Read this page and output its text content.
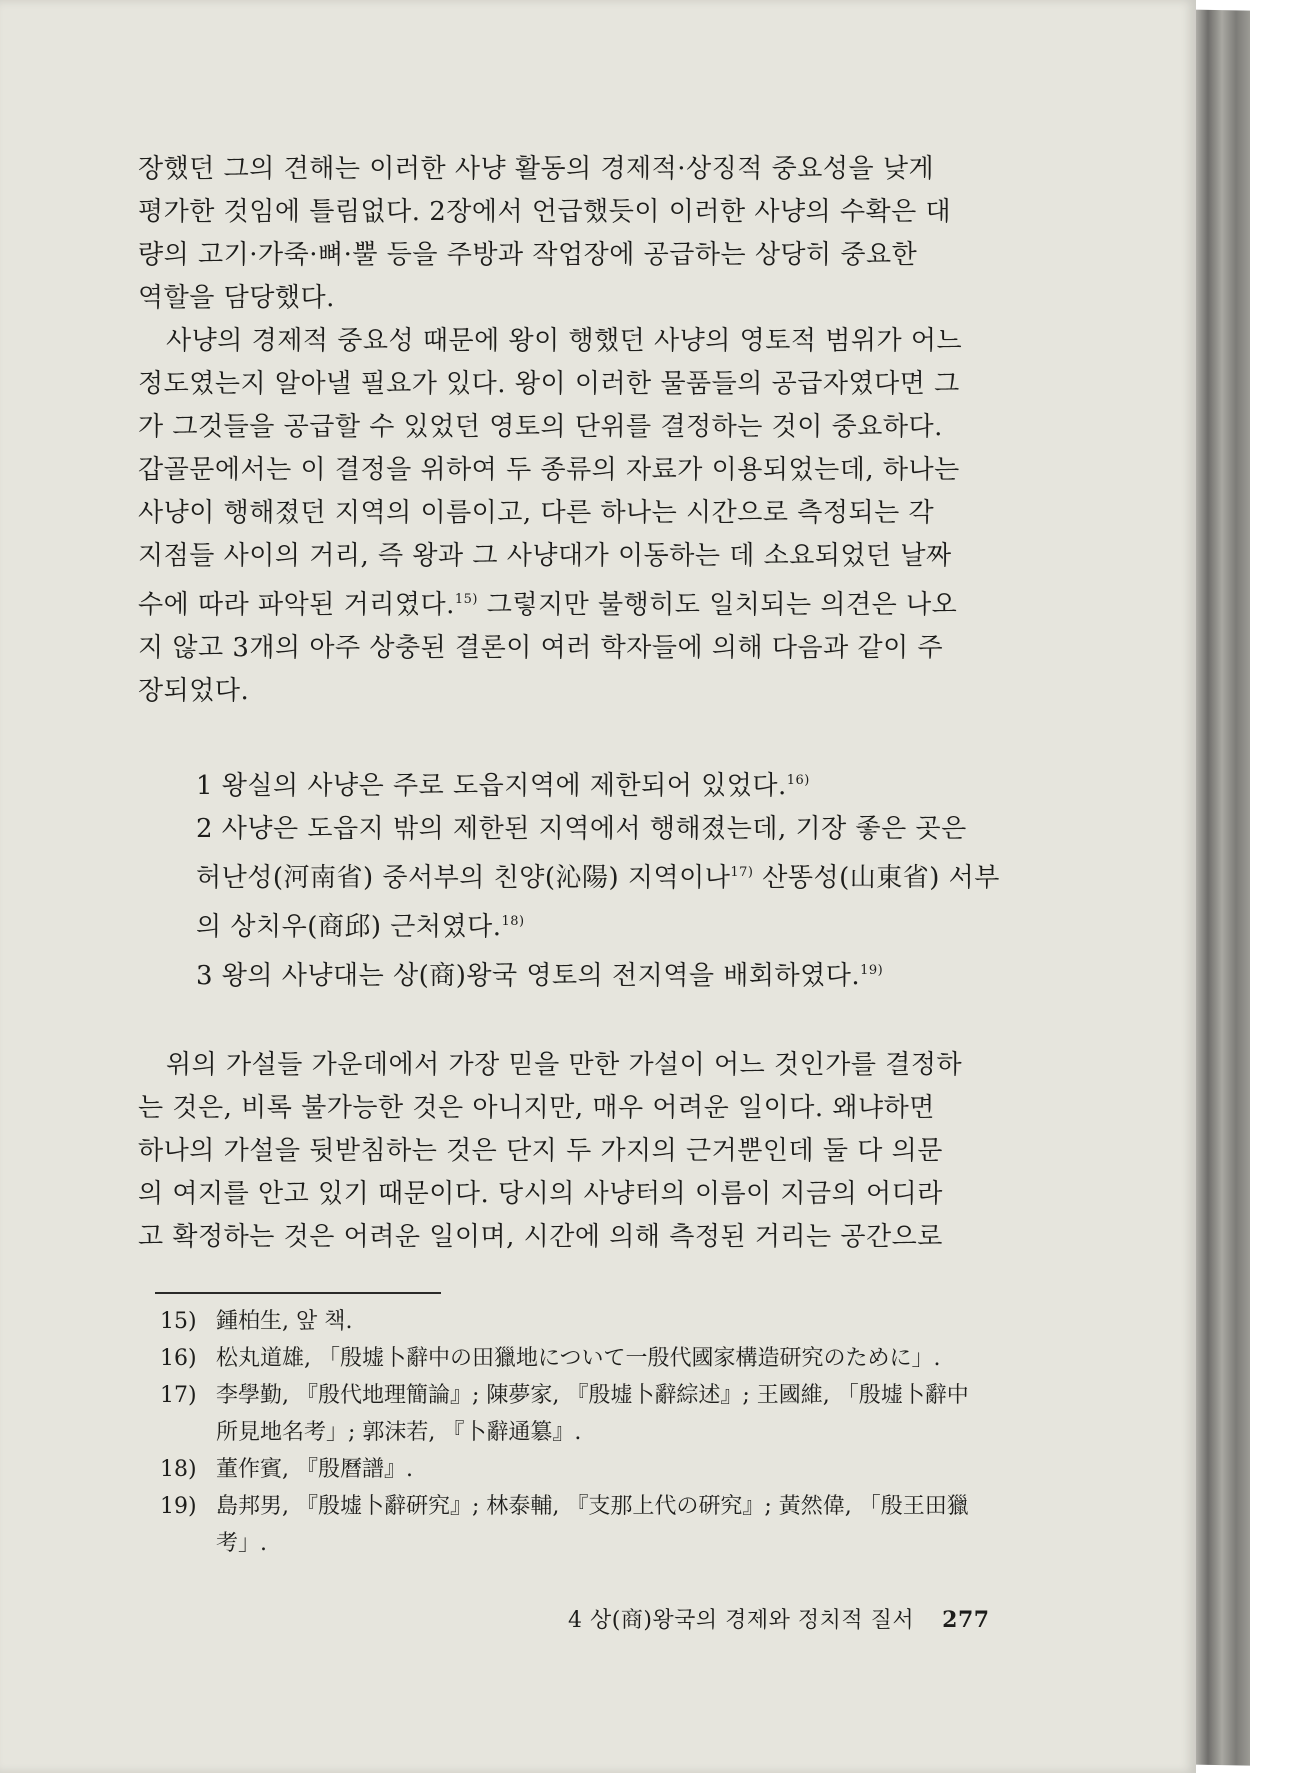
장했던 그의 견해는 이러한 사냥 활동의 경제적·상징적 중요성을 낮게

평가한 것임에 틀림없다. 2장에서 언급했듯이 이러한 사냥의 수확은 대

량의 고기·가죽·뼈·뿔 등을 주방과 작업장에 공급하는 상당히 중요한

역할을 담당했다.

사냥의 경제적 중요성 때문에 왕이 행했던 사냥의 영토적 범위가 어느

정도였는지 알아낼 필요가 있다. 왕이 이러한 물품들의 공급자였다면 그

가 그것들을 공급할 수 있었던 영토의 단위를 결정하는 것이 중요하다.

갑골문에서는 이 결정을 위하여 두 종류의 자료가 이용되었는데, 하나는

사냥이 행해졌던 지역의 이름이고, 다른 하나는 시간으로 측정되는 각

지점들 사이의 거리, 즉 왕과 그 사냥대가 이동하는 데 소요되었던 날짜

수에 따라 파악된 거리였다.$^{15)}$ 그렇지만 불행히도 일치되는 의견은 나오

지 않고 3개의 아주 상충된 결론이 여러 학자들에 의해 다음과 같이 주

장되었다.

1 왕실의 사냥은 주로 도읍지역에 제한되어 있었다.$^{16)}$

2 사냥은 도읍지 밖의 제한된 지역에서 행해졌는데, 기장 좋은 곳은

허난성(河南省) 중서부의 친양(沁陽) 지역이나$^{17)}$ 산똥성(山東省) 서부

의 상치우(商邱) 근처였다.$^{18)}$

3 왕의 사냥대는 상(商)왕국 영토의 전지역을 배회하였다.$^{19)}$

위의 가설들 가운데에서 가장 믿을 만한 가설이 어느 것인가를 결정하

는 것은, 비록 불가능한 것은 아니지만, 매우 어려운 일이다. 왜냐하면

하나의 가설을 뒷받침하는 것은 단지 두 가지의 근거뿐인데 둘 다 의문

의 여지를 안고 있기 때문이다. 당시의 사냥터의 이름이 지금의 어디라

고 확정하는 것은 어려운 일이며, 시간에 의해 측정된 거리는 공간으로

15) 鍾柏生, 앞 책.
16) 松丸道雄, 「殷墟卜辭中の田獵地について一殷代國家構造研究のために」.
17) 李學勤, 『殷代地理簡論』; 陳夢家, 『殷墟卜辭綜述』; 王國維, 「殷墟卜辭中
所見地名考」; 郭沫若, 『卜辭通簒』.
18) 董作賓, 『殷曆譜』.
19) 島邦男, 『殷墟卜辭硏究』; 林泰輔, 『支那上代の硏究』; 黃然偉, 「殷王田獵
考」.
4 상(商)왕국의 경제와 정치적 질서 277
